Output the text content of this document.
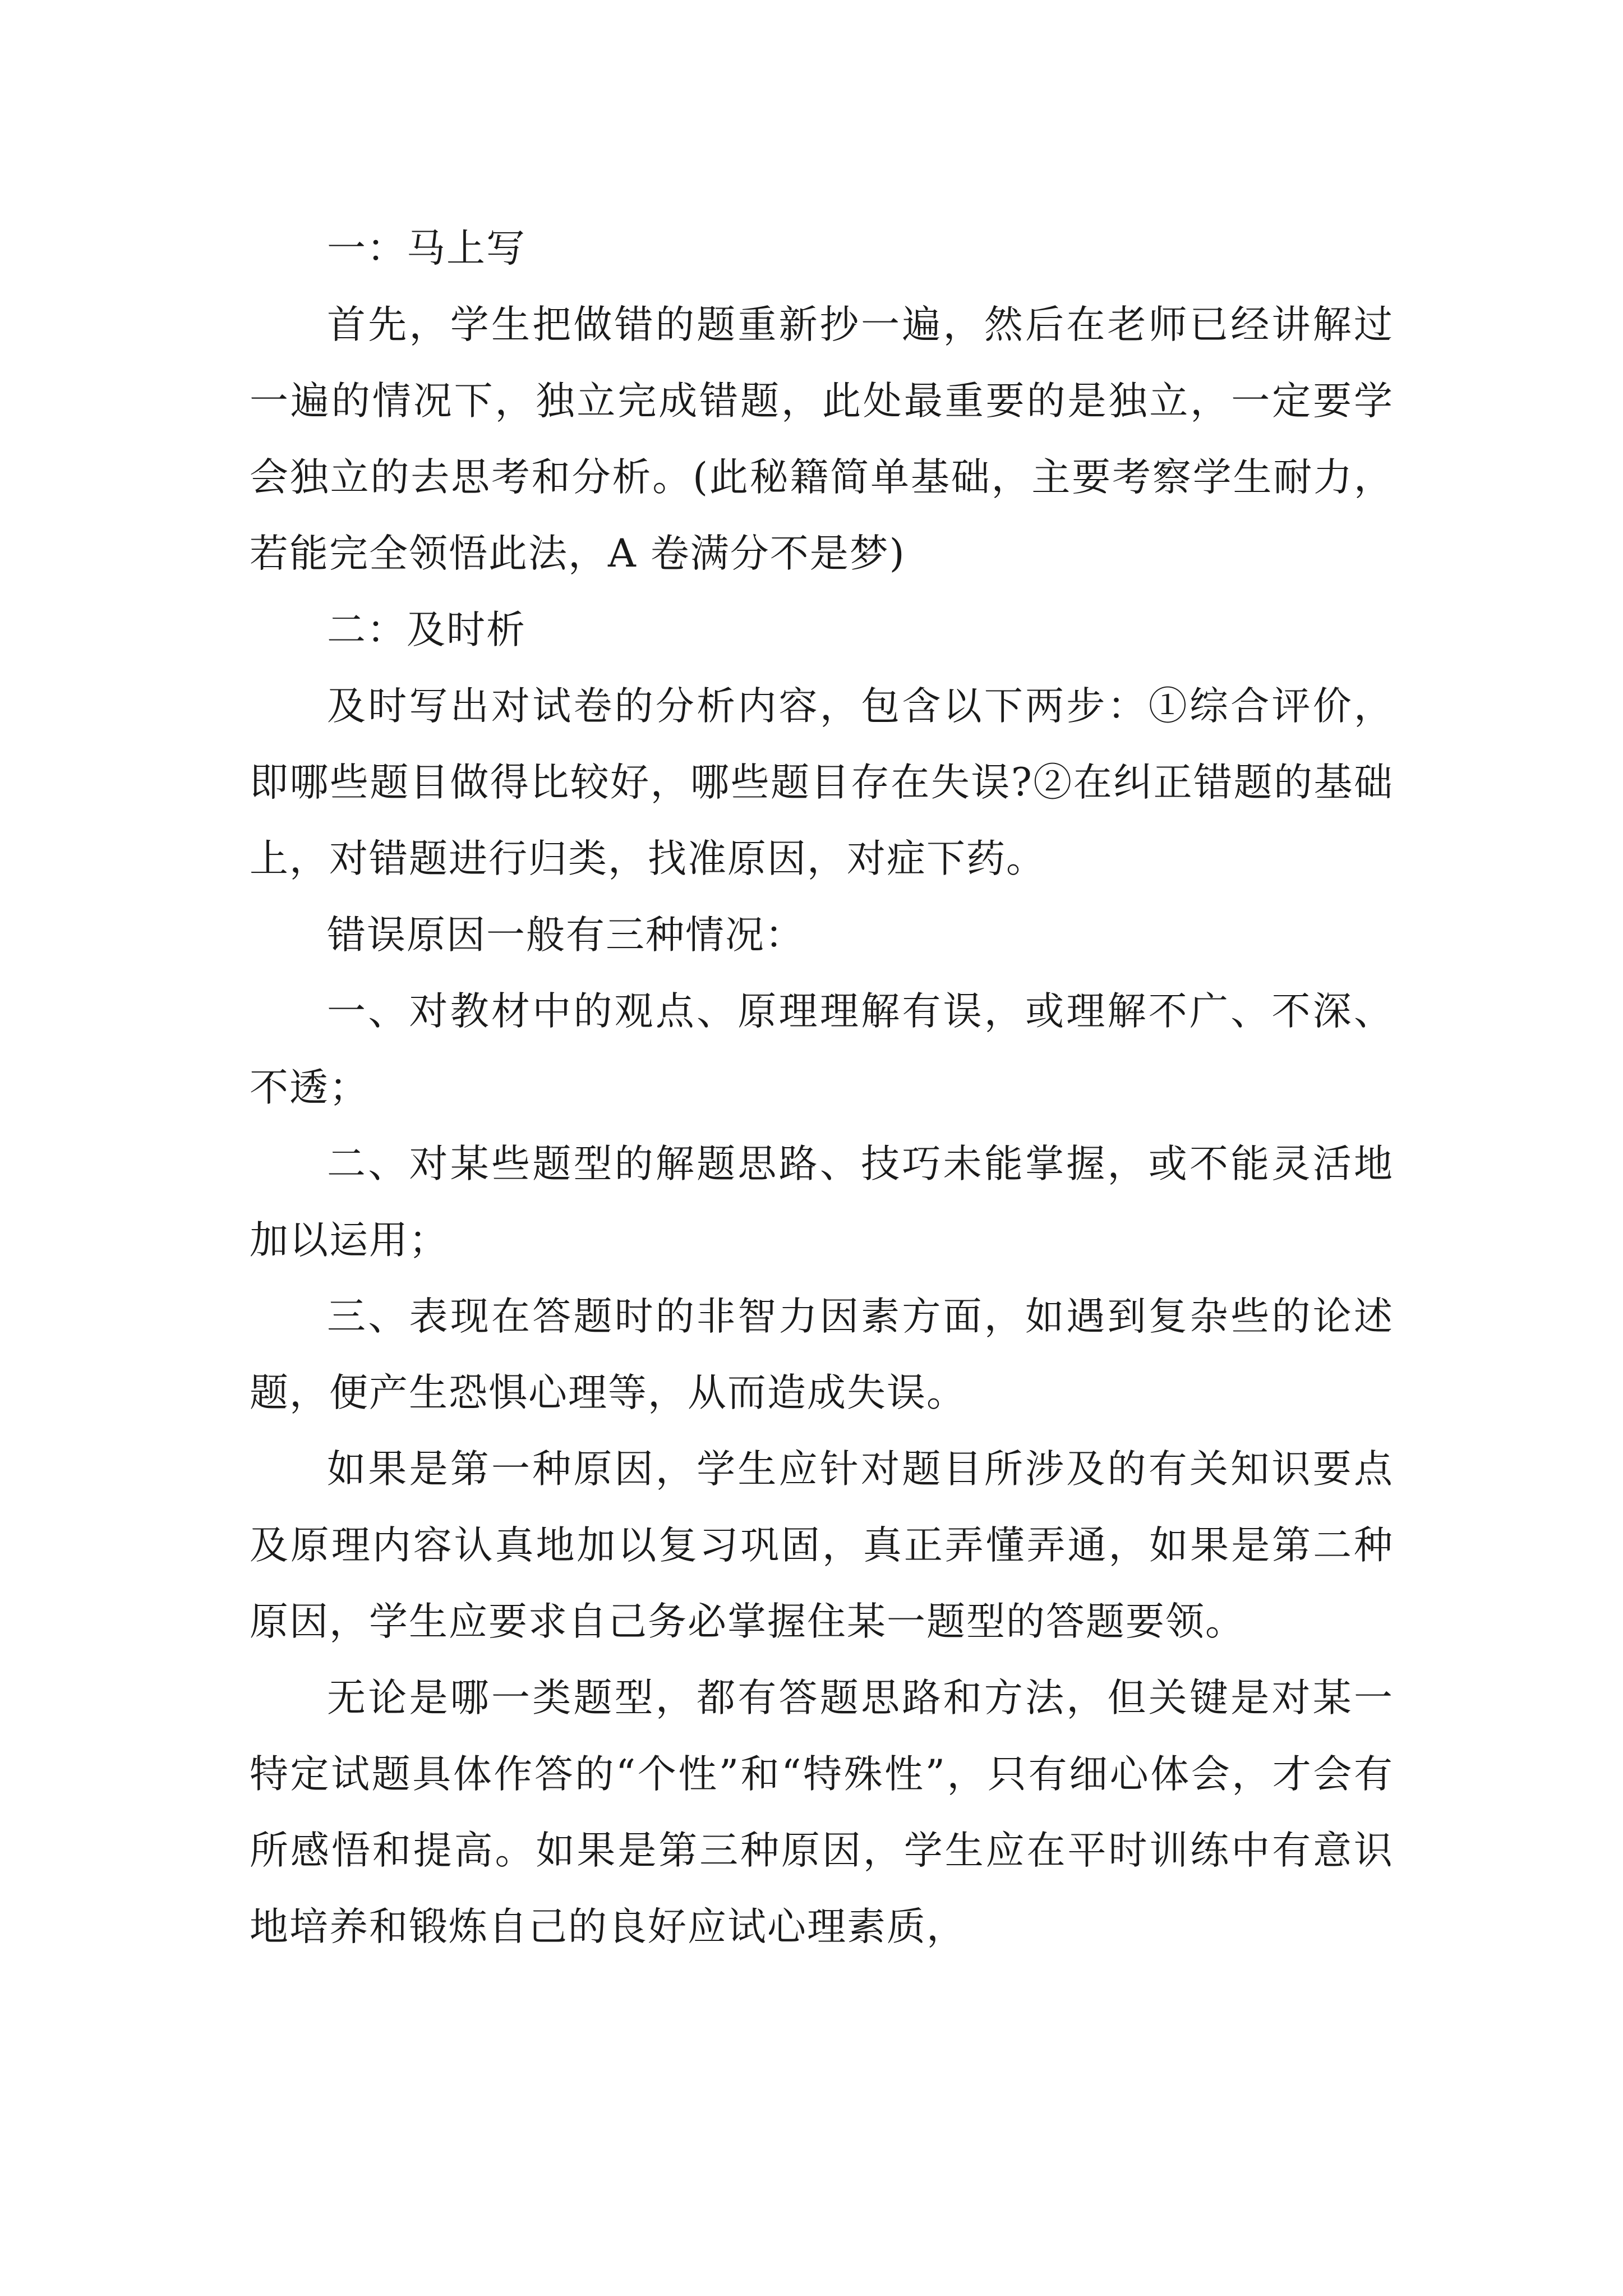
一：马上写

首先，学生把做错的题重新抄一遍，然后在老师已经讲解过一遍的情况下，独立完成错题，此处最重要的是独立，一定要学会独立的去思考和分析。(此秘籍简单基础，主要考察学生耐力，若能完全领悟此法，A 卷满分不是梦)

二：及时析

及时写出对试卷的分析内容，包含以下两步：①综合评价，即哪些题目做得比较好，哪些题目存在失误?②在纠正错题的基础上，对错题进行归类，找准原因，对症下药。

错误原因一般有三种情况：

一、对教材中的观点、原理理解有误，或理解不广、不深、不透；

二、对某些题型的解题思路、技巧未能掌握，或不能灵活地加以运用；

三、表现在答题时的非智力因素方面，如遇到复杂些的论述题，便产生恐惧心理等，从而造成失误。

如果是第一种原因，学生应针对题目所涉及的有关知识要点及原理内容认真地加以复习巩固，真正弄懂弄通，如果是第二种原因，学生应要求自己务必掌握住某一题型的答题要领。

无论是哪一类题型，都有答题思路和方法，但关键是对某一特定试题具体作答的“个性”和“特殊性”，只有细心体会，才会有所感悟和提高。如果是第三种原因，学生应在平时训练中有意识地培养和锻炼自己的良好应试心理素质，
